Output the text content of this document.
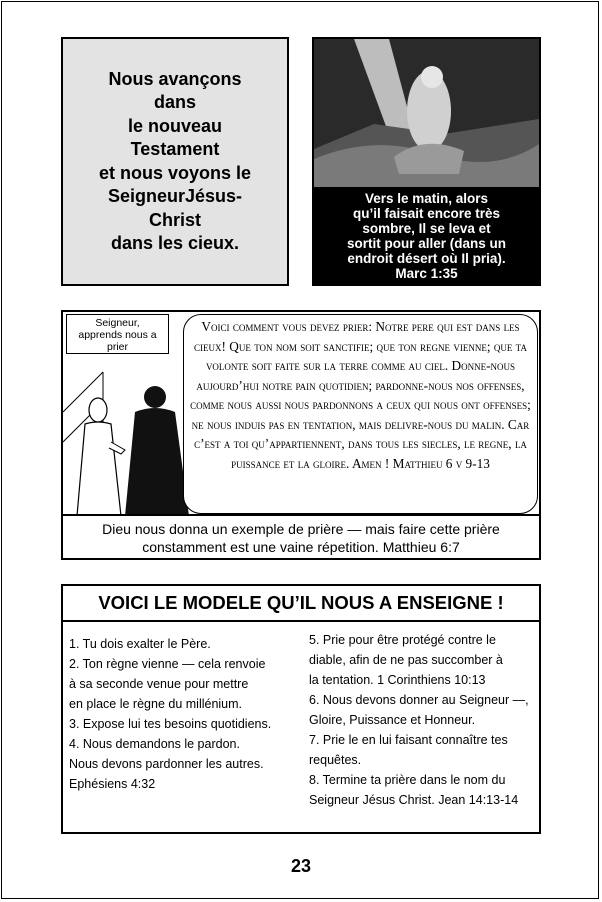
Nous avançons
dans
le nouveau
Testament
et nous voyons le
SeigneurJésus-
Christ
dans les cieux.
Vers le matin, alors
qu’il faisait encore très
sombre, Il se leva et
sortit pour aller (dans un
endroit désert où Il pria).
Marc 1:35
Seigneur,
apprends nous a
prier
Voici comment vous devez prier: Notre pere qui est dans les cieux! Que ton nom soit sanctifie; que ton regne vienne; que ta volonte soit faite sur la terre comme au ciel. Donne-nous aujourd’hui notre pain quotidien; pardonne-nous nos offenses, comme nous aussi nous pardonnons a ceux qui nous ont offenses; ne nous induis pas en tentation, mais delivre-nous du malin. Car c’est a toi qu’appartiennent, dans tous les siecles, le regne, la puissance et la gloire. Amen ! Matthieu 6 v 9-13
Dieu nous donna un exemple de prière — mais faire cette prière
constamment est une vaine répetition. Matthieu 6:7
VOICI LE MODELE QU’IL NOUS A ENSEIGNE !
1. Tu dois exalter le Père.
2. Ton règne vienne — cela renvoie
à sa seconde venue pour mettre
en place le règne du millénium.
3. Expose lui tes besoins quotidiens.
4. Nous demandons le pardon.
Nous devons pardonner les autres.
Ephésiens 4:32
5. Prie pour être protégé contre le
diable, afin de ne pas succomber à
la tentation. 1 Corinthiens 10:13
6. Nous devons donner au Seigneur —,
Gloire, Puissance et Honneur.
7. Prie le en lui faisant connaître tes
requêtes.
8. Termine ta prière dans le nom du
Seigneur Jésus Christ. Jean 14:13-14
23
